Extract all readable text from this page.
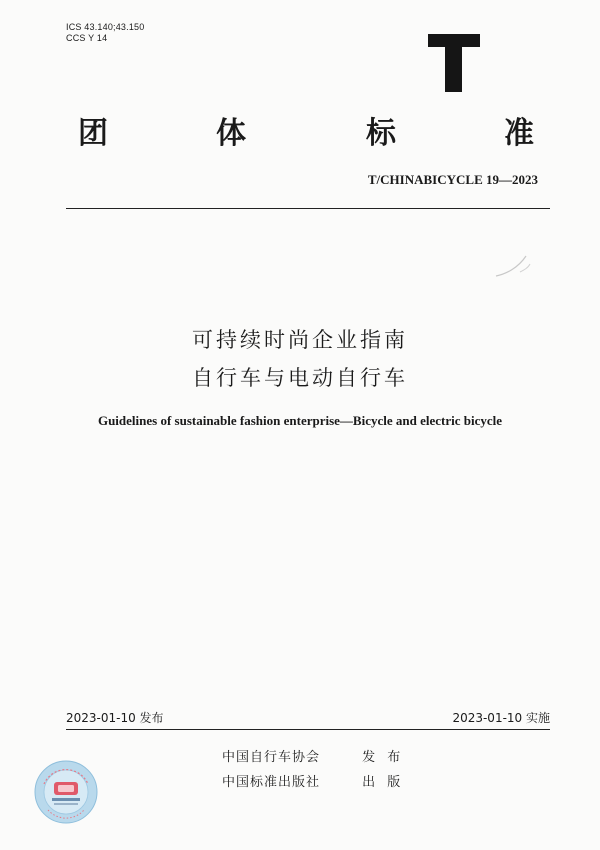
ICS 43.140;43.150
CCS Y 14
团	体	标	准
T/CHINABICYCLE 19—2023
可持续时尚企业指南
自行车与电动自行车
Guidelines of sustainable fashion enterprise—Bicycle and electric bicycle
2023-01-10 发布	2023-01-10 实施
中国自行车协会	发 布
中国标准出版社	出 版
